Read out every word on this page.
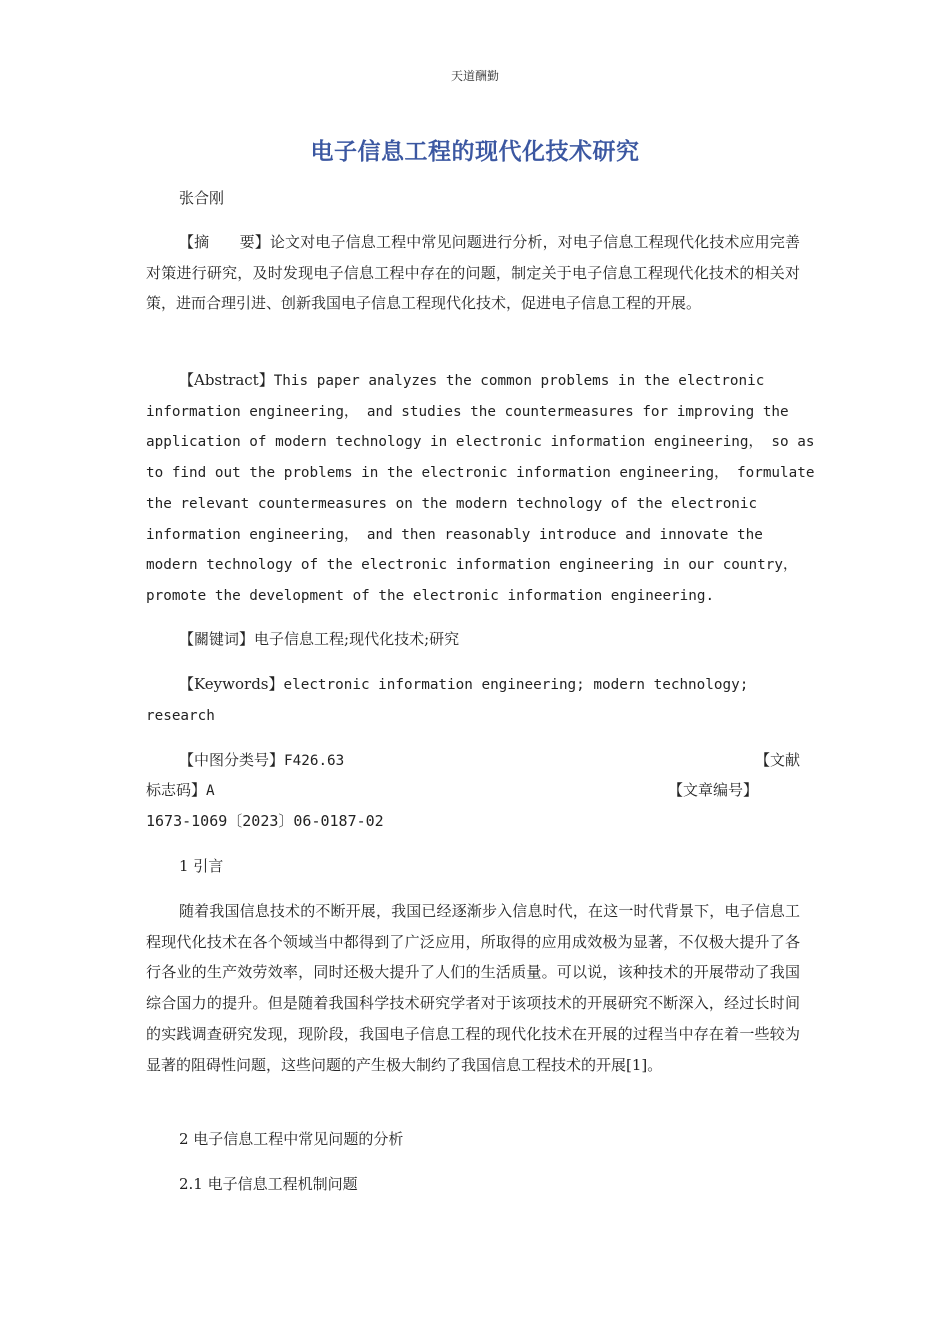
天道酬勤
电子信息工程的现代化技术研究
张合刚
【摘　　要】论文对电子信息工程中常见问题进行分析，对电子信息工程现代化技术应用完善对策进行研究，及时发现电子信息工程中存在的问题，制定关于电子信息工程现代化技术的相关对策，进而合理引进、创新我国电子信息工程现代化技术，促进电子信息工程的开展。
【Abstract】This paper analyzes the common problems in the electronic
information engineering， and studies the countermeasures for improving the
application of modern technology in electronic information engineering， so as
to find out the problems in the electronic information engineering， formulate
the relevant countermeasures on the modern technology of the electronic
information engineering， and then reasonably introduce and innovate the
modern technology of the electronic information engineering in our country，
promote the development of the electronic information engineering.
【關键词】电子信息工程;现代化技术;研究
【Keywords】electronic information engineering; modern technology;
research
【中图分类号】F426.63	【文献
标志码】A	【文章编号】
1673-1069〔2023〕06-0187-02
1 引言
随着我国信息技术的不断开展，我国已经逐渐步入信息时代，在这一时代背景下，电子信息工程现代化技术在各个领域当中都得到了广泛应用，所取得的应用成效极为显著，不仅极大提升了各行各业的生产效劳效率，同时还极大提升了人们的生活质量。可以说，该种技术的开展带动了我国综合国力的提升。但是随着我国科学技术研究学者对于该项技术的开展研究不断深入，经过长时间的实践调查研究发现，现阶段，我国电子信息工程的现代化技术在开展的过程当中存在着一些较为显著的阻碍性问题，这些问题的产生极大制约了我国信息工程技术的开展[1]。
2 电子信息工程中常见问题的分析
2.1 电子信息工程机制问题
